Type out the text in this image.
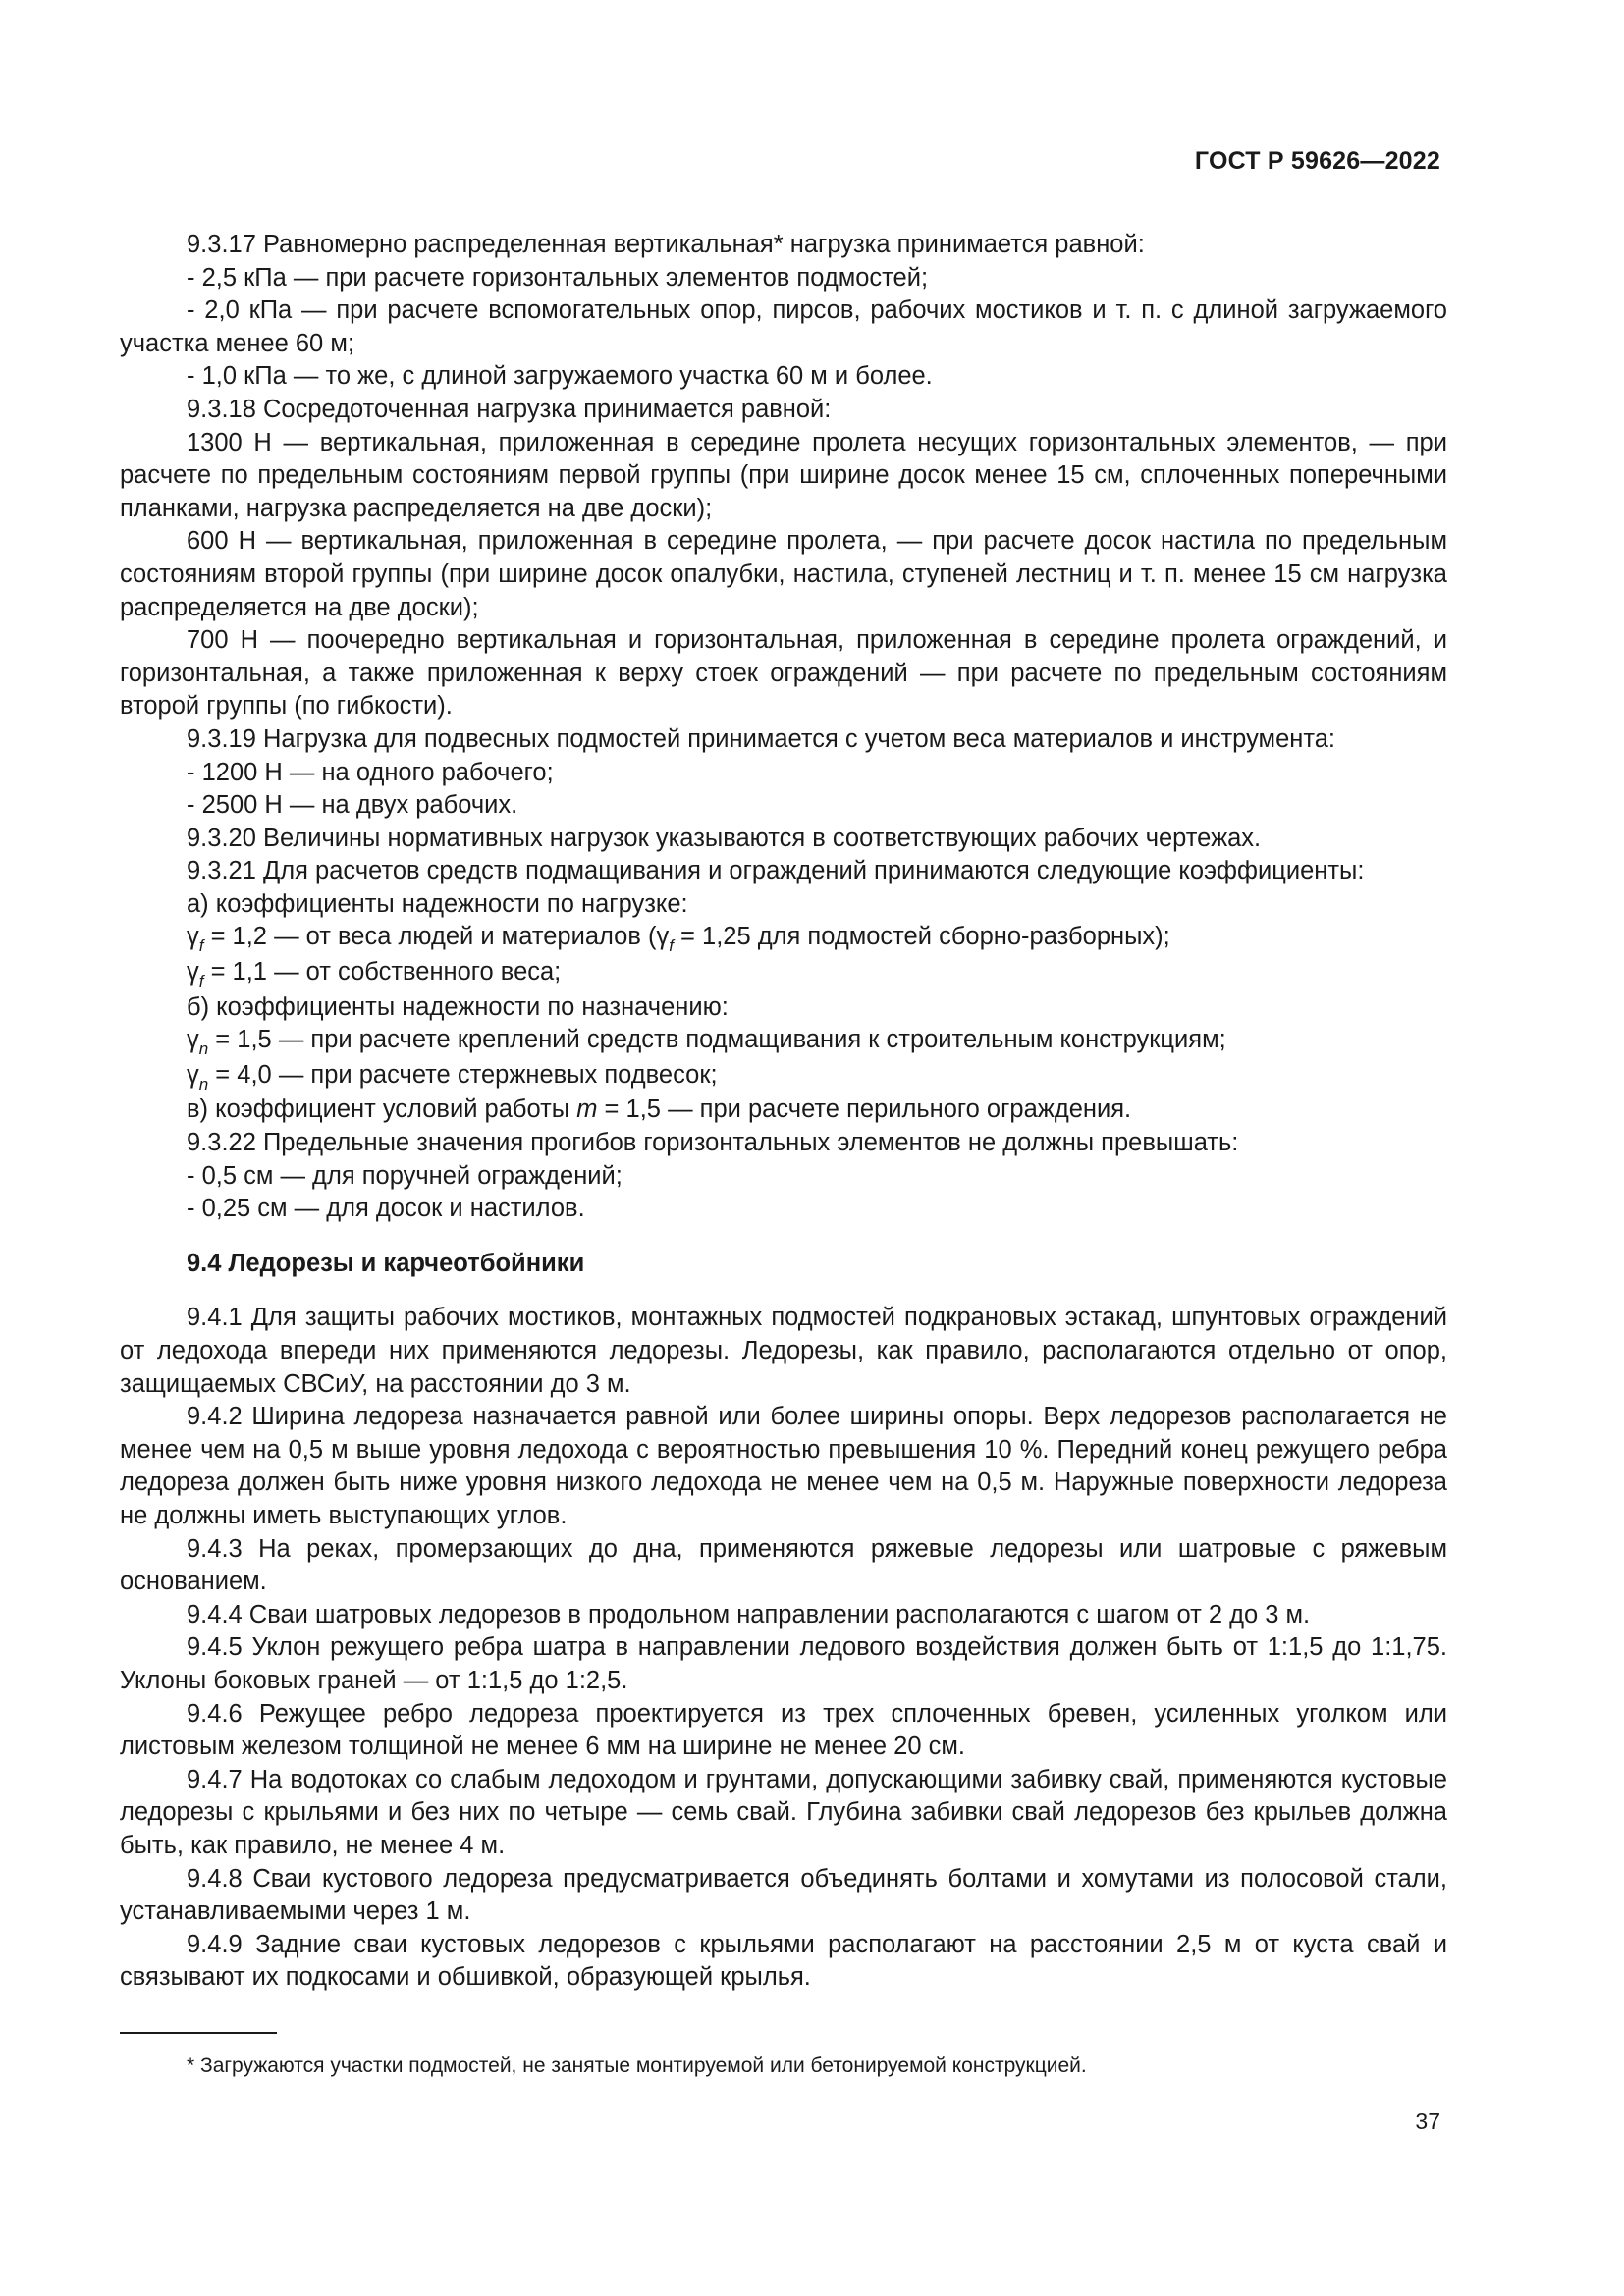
ГОСТ Р 59626—2022

9.3.17 Равномерно распределенная вертикальная* нагрузка принимается равной:

- 2,5 кПа — при расчете горизонтальных элементов подмостей;

- 2,0 кПа — при расчете вспомогательных опор, пирсов, рабочих мостиков и т. п. с длиной загружаемого участка менее 60 м;

- 1,0 кПа — то же, с длиной загружаемого участка 60 м и более.

9.3.18 Сосредоточенная нагрузка принимается равной:

1300 Н — вертикальная, приложенная в середине пролета несущих горизонтальных элементов, — при расчете по предельным состояниям первой группы (при ширине досок менее 15 см, сплоченных поперечными планками, нагрузка распределяется на две доски);

600 Н — вертикальная, приложенная в середине пролета, — при расчете досок настила по предельным состояниям второй группы (при ширине досок опалубки, настила, ступеней лестниц и т. п. менее 15 см нагрузка распределяется на две доски);

700 Н — поочередно вертикальная и горизонтальная, приложенная в середине пролета ограждений, и горизонтальная, а также приложенная к верху стоек ограждений — при расчете по предельным состояниям второй группы (по гибкости).

9.3.19 Нагрузка для подвесных подмостей принимается с учетом веса материалов и инструмента:

- 1200 Н — на одного рабочего;

- 2500 Н — на двух рабочих.

9.3.20 Величины нормативных нагрузок указываются в соответствующих рабочих чертежах.

9.3.21 Для расчетов средств подмащивания и ограждений принимаются следующие коэффициенты:

а) коэффициенты надежности по нагрузке:

$\gamma_f = 1,2$ — от веса людей и материалов ($\gamma_f = 1,25$ для подмостей сборно-разборных);

$\gamma_f = 1,1$ — от собственного веса;

б) коэффициенты надежности по назначению:

$\gamma_n = 1,5$ — при расчете креплений средств подмащивания к строительным конструкциям;

$\gamma_n = 4,0$ — при расчете стержневых подвесок;

в) коэффициент условий работы m = 1,5 — при расчете перильного ограждения.

9.3.22 Предельные значения прогибов горизонтальных элементов не должны превышать:

- 0,5 см — для поручней ограждений;

- 0,25 см — для досок и настилов.

9.4 Ледорезы и карчеотбойники

9.4.1 Для защиты рабочих мостиков, монтажных подмостей подкрановых эстакад, шпунтовых ограждений от ледохода впереди них применяются ледорезы. Ледорезы, как правило, располагаются отдельно от опор, защищаемых СВСиУ, на расстоянии до 3 м.

9.4.2 Ширина ледореза назначается равной или более ширины опоры. Верх ледорезов располагается не менее чем на 0,5 м выше уровня ледохода с вероятностью превышения 10 %. Передний конец режущего ребра ледореза должен быть ниже уровня низкого ледохода не менее чем на 0,5 м. Наружные поверхности ледореза не должны иметь выступающих углов.

9.4.3 На реках, промерзающих до дна, применяются ряжевые ледорезы или шатровые с ряжевым основанием.

9.4.4 Сваи шатровых ледорезов в продольном направлении располагаются с шагом от 2 до 3 м.

9.4.5 Уклон режущего ребра шатра в направлении ледового воздействия должен быть от 1:1,5 до 1:1,75. Уклоны боковых граней — от 1:1,5 до 1:2,5.

9.4.6 Режущее ребро ледореза проектируется из трех сплоченных бревен, усиленных уголком или листовым железом толщиной не менее 6 мм на ширине не менее 20 см.

9.4.7 На водотоках со слабым ледоходом и грунтами, допускающими забивку свай, применяются кустовые ледорезы с крыльями и без них по четыре — семь свай. Глубина забивки свай ледорезов без крыльев должна быть, как правило, не менее 4 м.

9.4.8 Сваи кустового ледореза предусматривается объединять болтами и хомутами из полосовой стали, устанавливаемыми через 1 м.

9.4.9 Задние сваи кустовых ледорезов с крыльями располагают на расстоянии 2,5 м от куста свай и связывают их подкосами и обшивкой, образующей крылья.

* Загружаются участки подмостей, не занятые монтируемой или бетонируемой конструкцией.
37
